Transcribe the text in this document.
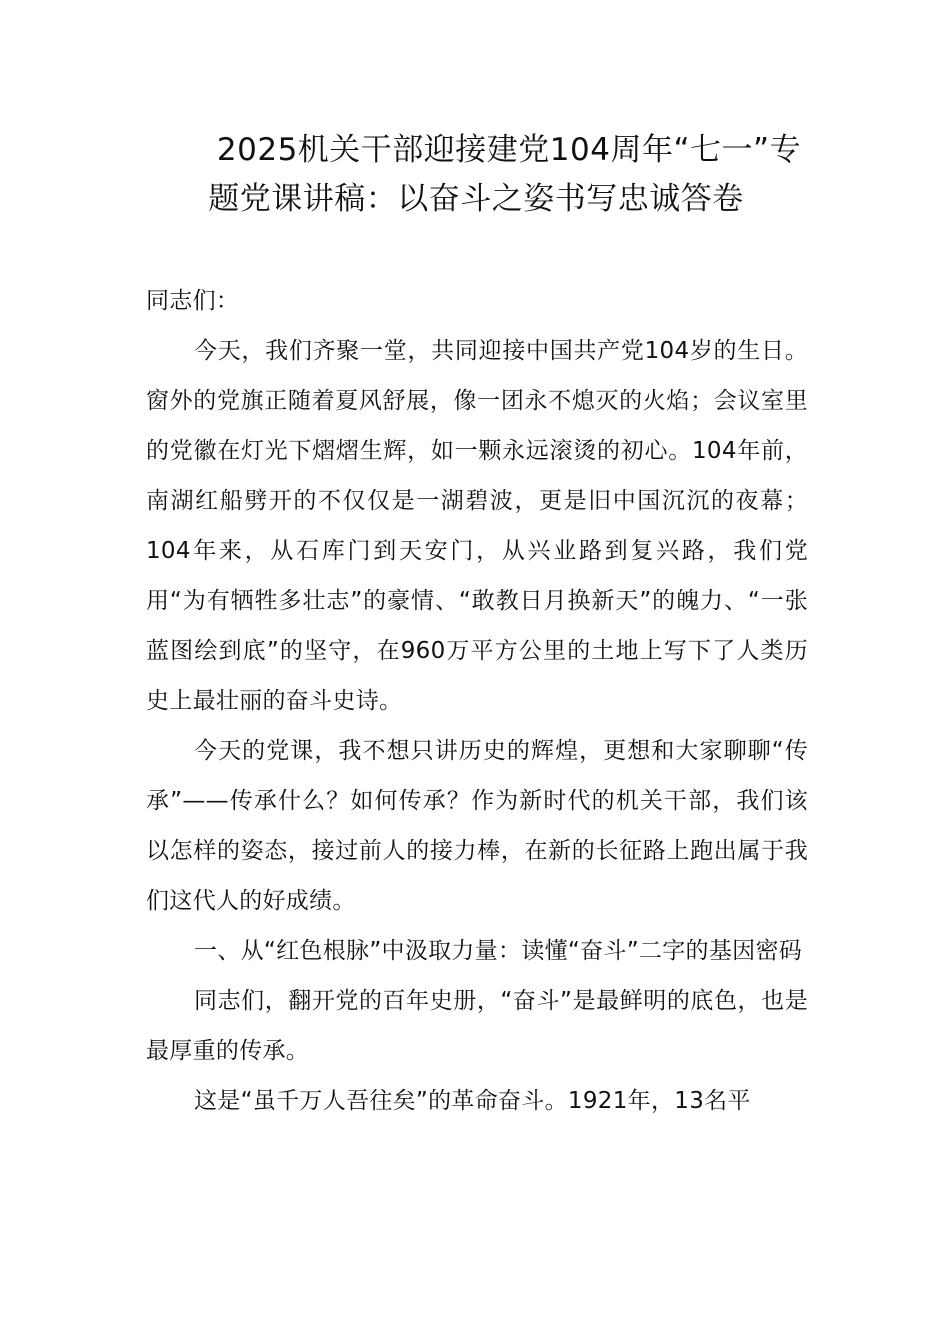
2025机关干部迎接建党104周年“七一”专题党课讲稿：以奋斗之姿书写忠诚答卷

同志们：

今天，我们齐聚一堂，共同迎接中国共产党104岁的生日。窗外的党旗正随着夏风舒展，像一团永不熄灭的火焰；会议室里的党徽在灯光下熠熠生辉，如一颗永远滚烫的初心。104年前，南湖红船劈开的不仅仅是一湖碧波，更是旧中国沉沉的夜幕；104年来，从石库门到天安门，从兴业路到复兴路，我们党用“为有牺牲多壮志”的豪情、“敢教日月换新天”的魄力、“一张蓝图绘到底”的坚守，在960万平方公里的土地上写下了人类历史上最壮丽的奋斗史诗。

今天的党课，我不想只讲历史的辉煌，更想和大家聊聊“传承”——传承什么？如何传承？作为新时代的机关干部，我们该以怎样的姿态，接过前人的接力棒，在新的长征路上跑出属于我们这代人的好成绩。

一、从“红色根脉”中汲取力量：读懂“奋斗”二字的基因密码

同志们，翻开党的百年史册，“奋斗”是最鲜明的底色，也是最厚重的传承。

这是“虽千万人吾往矣”的革命奋斗。1921年，13名平
